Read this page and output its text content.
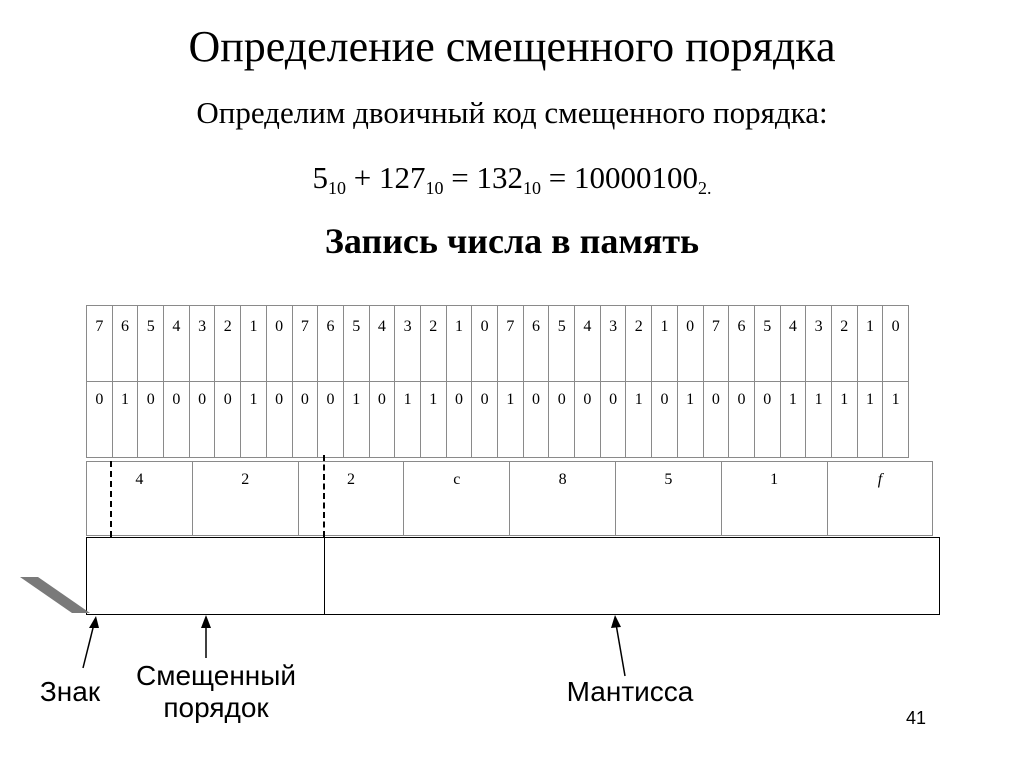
Определение смещенного порядка
Определим двоичный код смещенного порядка:
$5_{10} + 127_{10} = 132_{10} = 10000100_{2.}$
Запись числа в память
7	6	5	4	3	2	1	0	7	6	5	4	3	2	1	0	7	6	5	4	3	2	1	0	7	6	5	4	3	2	1	0
0	1	0	0	0	0	1	0	0	0	1	0	1	1	0	0	1	0	0	0	0	1	0	1	0	0	0	1	1	1	1	1
4	2	2	c	8	5	1	f
Знак
Смещенный
порядок
Мантисса
41
